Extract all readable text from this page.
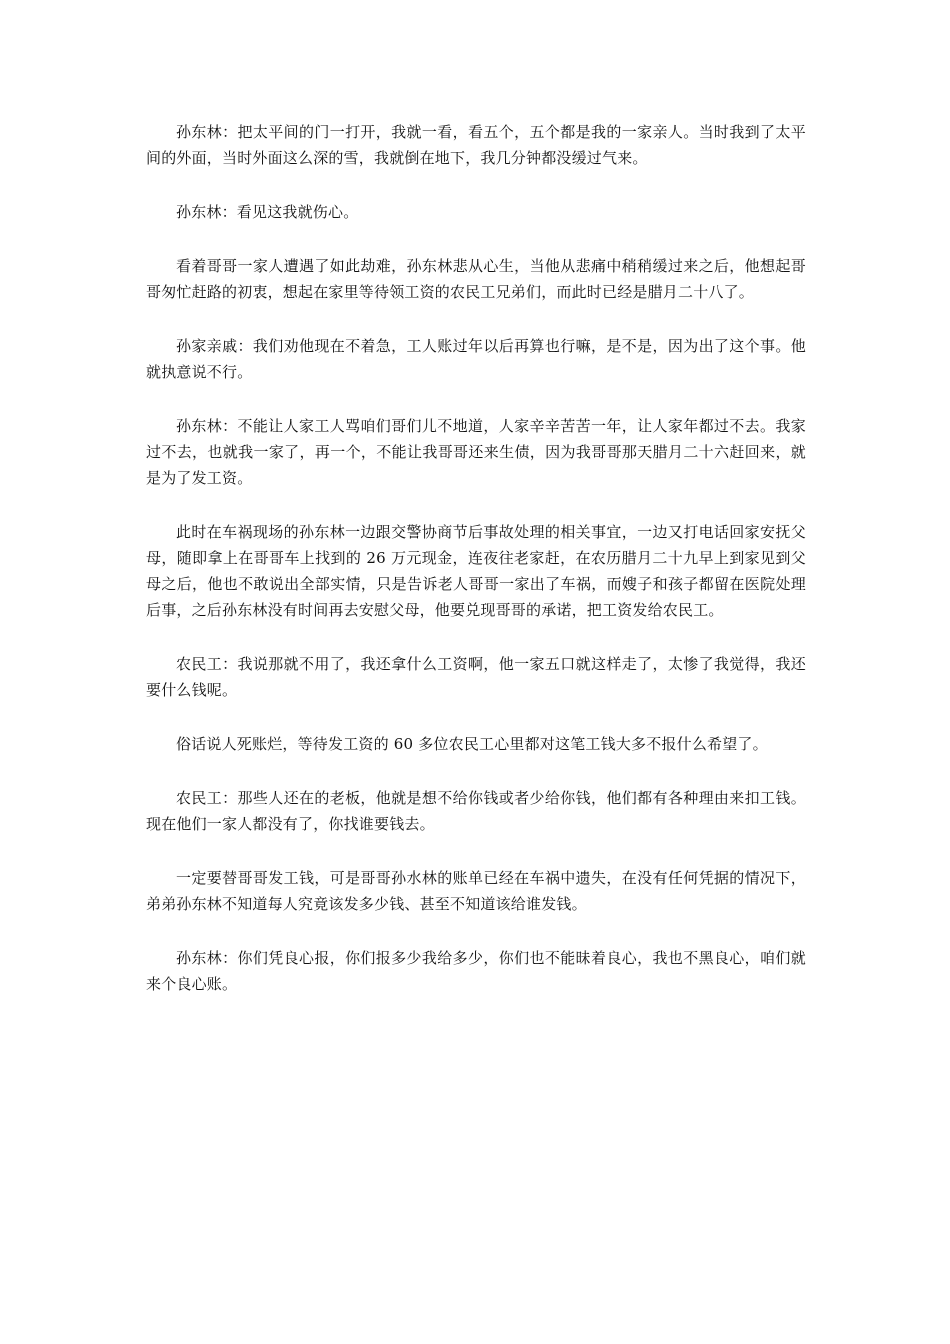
孙东林：把太平间的门一打开，我就一看，看五个，五个都是我的一家亲人。当时我到了太平间的外面，当时外面这么深的雪，我就倒在地下，我几分钟都没缓过气来。

孙东林：看见这我就伤心。

看着哥哥一家人遭遇了如此劫难，孙东林悲从心生，当他从悲痛中稍稍缓过来之后，他想起哥哥匆忙赶路的初衷，想起在家里等待领工资的农民工兄弟们，而此时已经是腊月二十八了。

孙家亲戚：我们劝他现在不着急，工人账过年以后再算也行嘛，是不是，因为出了这个事。他就执意说不行。

孙东林：不能让人家工人骂咱们哥们儿不地道，人家辛辛苦苦一年，让人家年都过不去。我家过不去，也就我一家了，再一个，不能让我哥哥还来生债，因为我哥哥那天腊月二十六赶回来，就是为了发工资。

此时在车祸现场的孙东林一边跟交警协商节后事故处理的相关事宜，一边又打电话回家安抚父母，随即拿上在哥哥车上找到的 26 万元现金，连夜往老家赶，在农历腊月二十九早上到家见到父母之后，他也不敢说出全部实情，只是告诉老人哥哥一家出了车祸，而嫂子和孩子都留在医院处理后事，之后孙东林没有时间再去安慰父母，他要兑现哥哥的承诺，把工资发给农民工。

农民工：我说那就不用了，我还拿什么工资啊，他一家五口就这样走了，太惨了我觉得，我还要什么钱呢。

俗话说人死账烂，等待发工资的 60 多位农民工心里都对这笔工钱大多不报什么希望了。

农民工：那些人还在的老板，他就是想不给你钱或者少给你钱，他们都有各种理由来扣工钱。现在他们一家人都没有了，你找谁要钱去。

一定要替哥哥发工钱，可是哥哥孙水林的账单已经在车祸中遗失，在没有任何凭据的情况下，弟弟孙东林不知道每人究竟该发多少钱、甚至不知道该给谁发钱。

孙东林：你们凭良心报，你们报多少我给多少，你们也不能昧着良心，我也不黑良心，咱们就来个良心账。
